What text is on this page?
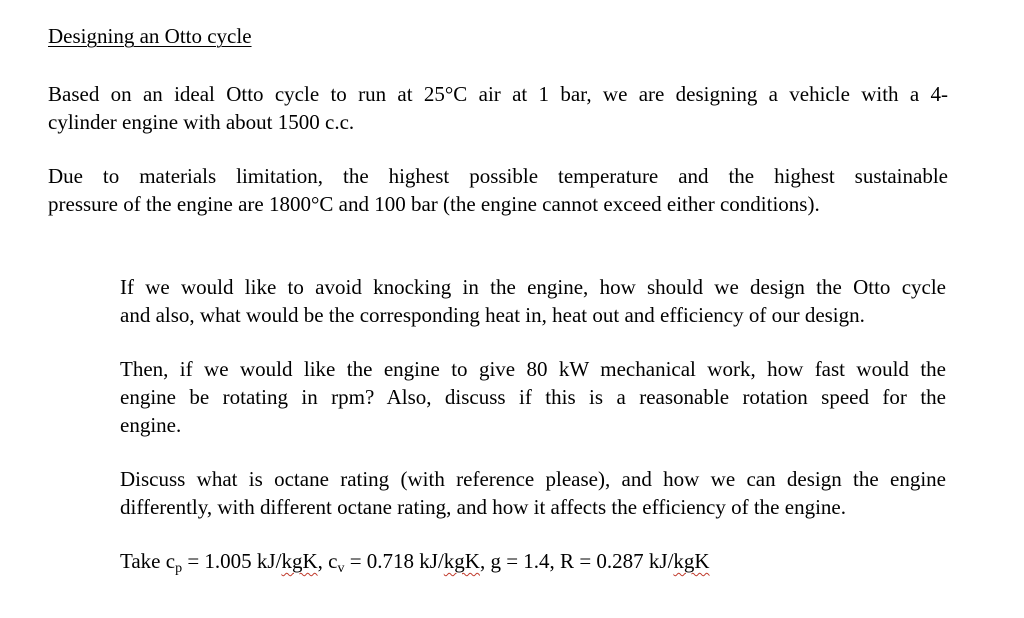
Designing an Otto cycle

Based on an ideal Otto cycle to run at 25°C air at 1 bar, we are designing a vehicle with a 4-
cylinder engine with about 1500 c.c.

Due to materials limitation, the highest possible temperature and the highest sustainable
pressure of the engine are 1800°C and 100 bar (the engine cannot exceed either conditions).

If we would like to avoid knocking in the engine, how should we design the Otto cycle
and also, what would be the corresponding heat in, heat out and efficiency of our design.

Then, if we would like the engine to give 80 kW mechanical work, how fast would the
engine be rotating in rpm? Also, discuss if this is a reasonable rotation speed for the
engine.

Discuss what is octane rating (with reference please), and how we can design the engine
differently, with different octane rating, and how it affects the efficiency of the engine.

Take $c_p = 1.005$ kJ/kgK, $c_v = 0.718$ kJ/kgK, g = 1.4, R = 0.287 kJ/kgK
